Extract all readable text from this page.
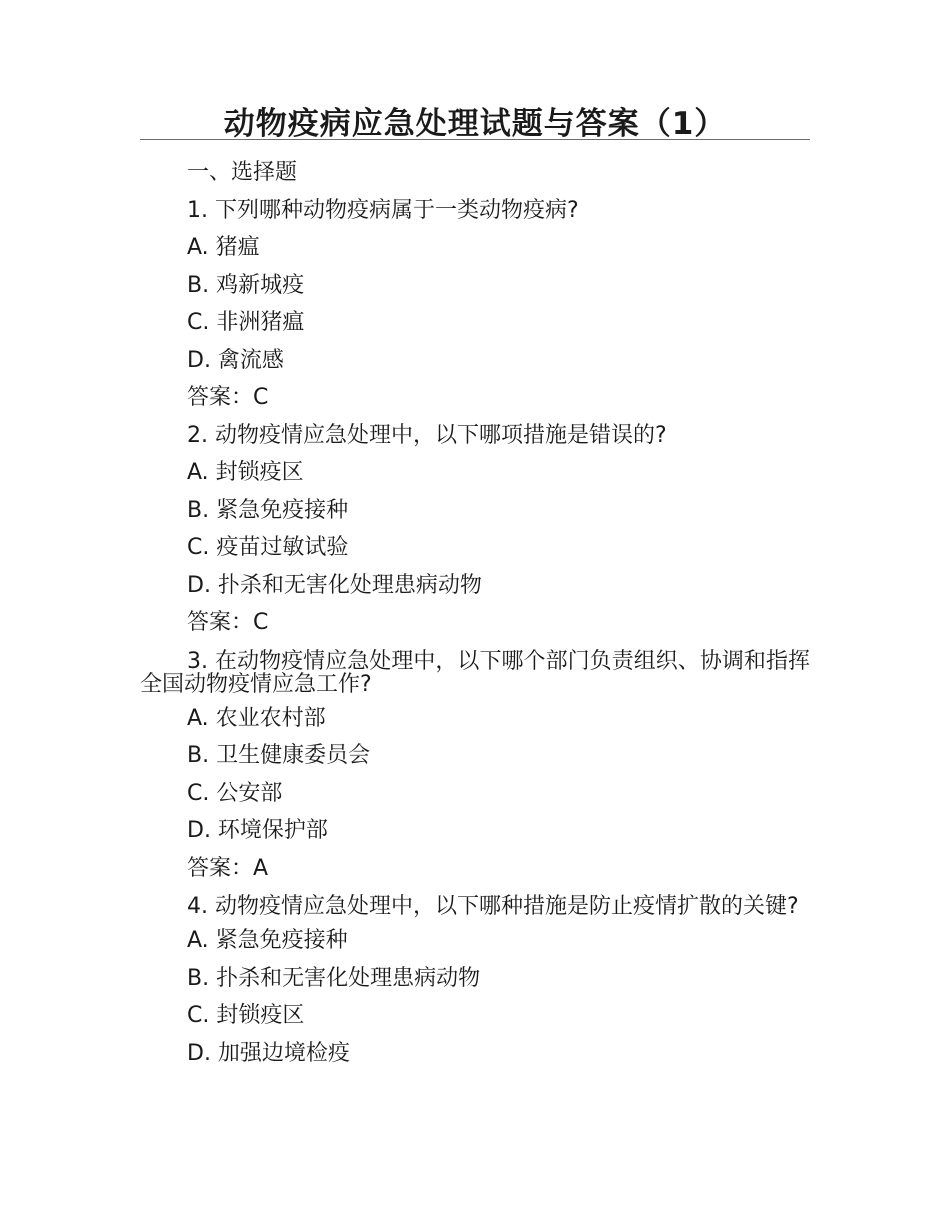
动物疫病应急处理试题与答案（1）
一、选择题
1. 下列哪种动物疫病属于一类动物疫病?
A. 猪瘟
B. 鸡新城疫
C. 非洲猪瘟
D. 禽流感
答案：C
2. 动物疫情应急处理中，以下哪项措施是错误的?
A. 封锁疫区
B. 紧急免疫接种
C. 疫苗过敏试验
D. 扑杀和无害化处理患病动物
答案：C
3. 在动物疫情应急处理中，以下哪个部门负责组织、协调和指挥全国动物疫情应急工作?
A. 农业农村部
B. 卫生健康委员会
C. 公安部
D. 环境保护部
答案：A
4. 动物疫情应急处理中，以下哪种措施是防止疫情扩散的关键?
A. 紧急免疫接种
B. 扑杀和无害化处理患病动物
C. 封锁疫区
D. 加强边境检疫
